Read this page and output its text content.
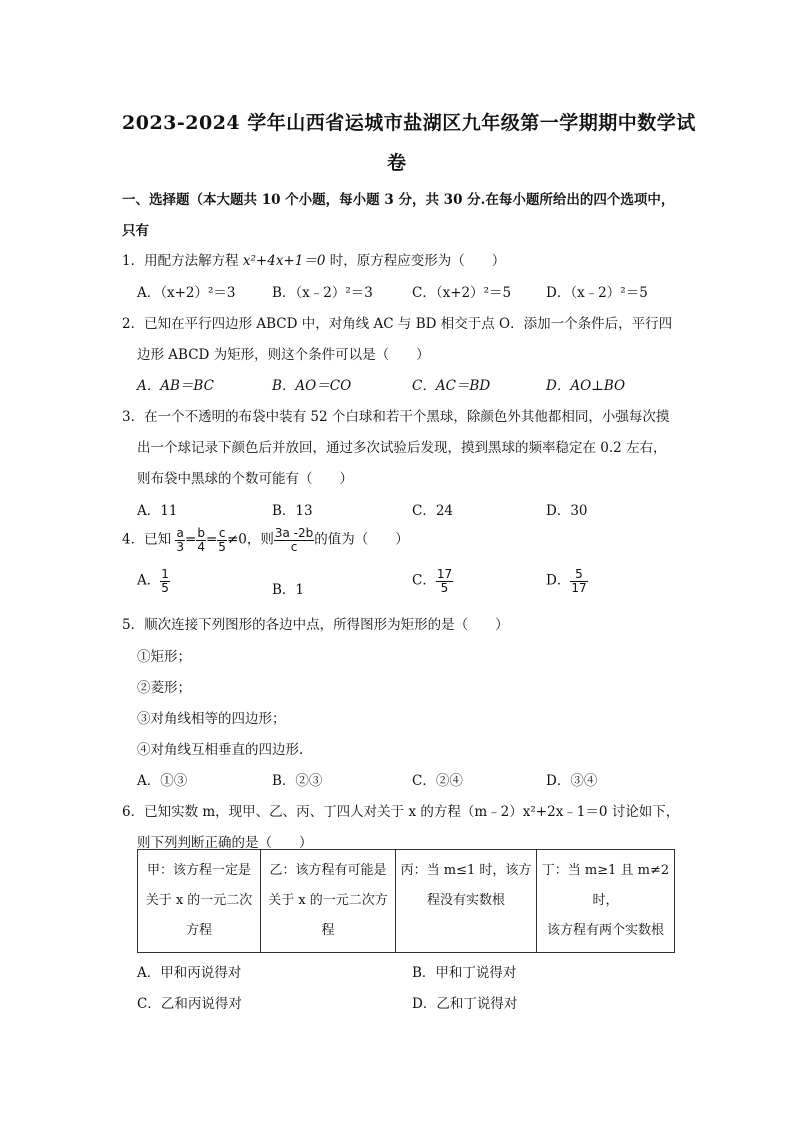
2023-2024 学年山西省运城市盐湖区九年级第一学期期中数学试
卷
一、选择题（本大题共 10 个小题，每小题 3 分，共 30 分.在每小题所给出的四个选项中，
只有
1．用配方法解方程 x²+4x+1＝0 时，原方程应变形为（　　）
A．（x+2）²＝3	B．（x﹣2）²＝3	C．（x+2）²＝5	D．（x﹣2）²＝5
2．已知在平行四边形 ABCD 中，对角线 AC 与 BD 相交于点 O．添加一个条件后，平行四
边形 ABCD 为矩形，则这个条件可以是（　　）
A．AB＝BC	B．AO＝CO	C．AC＝BD	D．AO⊥BO
3．在一个不透明的布袋中装有 52 个白球和若干个黑球，除颜色外其他都相同，小强每次摸
出一个球记录下颜色后并放回，通过多次试验后发现，摸到黑球的频率稳定在 0.2 左右，
则布袋中黑球的个数可能有（　　）
A．11	B．13	C．24	D．30
4．已知 $\frac{a}{3} = \frac{b}{4} = \frac{c}{5} \ne 0$，则 $\frac{3a -2b}{c}$ 的值为（　　）
A． $\frac{1}{5}$	B．1
C． $\frac{17}{5}$	D． $\frac{5}{17}$
5．顺次连接下列图形的各边中点，所得图形为矩形的是（　　）
①矩形；
②菱形；
③对角线相等的四边形；
④对角线互相垂直的四边形.
A．①③	B．②③	C．②④	D．③④
6．已知实数 m，现甲、乙、丙、丁四人对关于 x 的方程（m﹣2）x²+2x﹣1＝0 讨论如下，
则下列判断正确的是（　　）
甲：该方程一定是
关于 x 的一元二次
方程

乙：该方程有可能是
关于 x 的一元二次方
程

丙：当 m≤1 时，该方
程没有实数根

丁：当 m≥1 且 m≠2 时，
该方程有两个实数根
A．甲和丙说得对	B．甲和丁说得对
C．乙和丙说得对	D．乙和丁说得对
